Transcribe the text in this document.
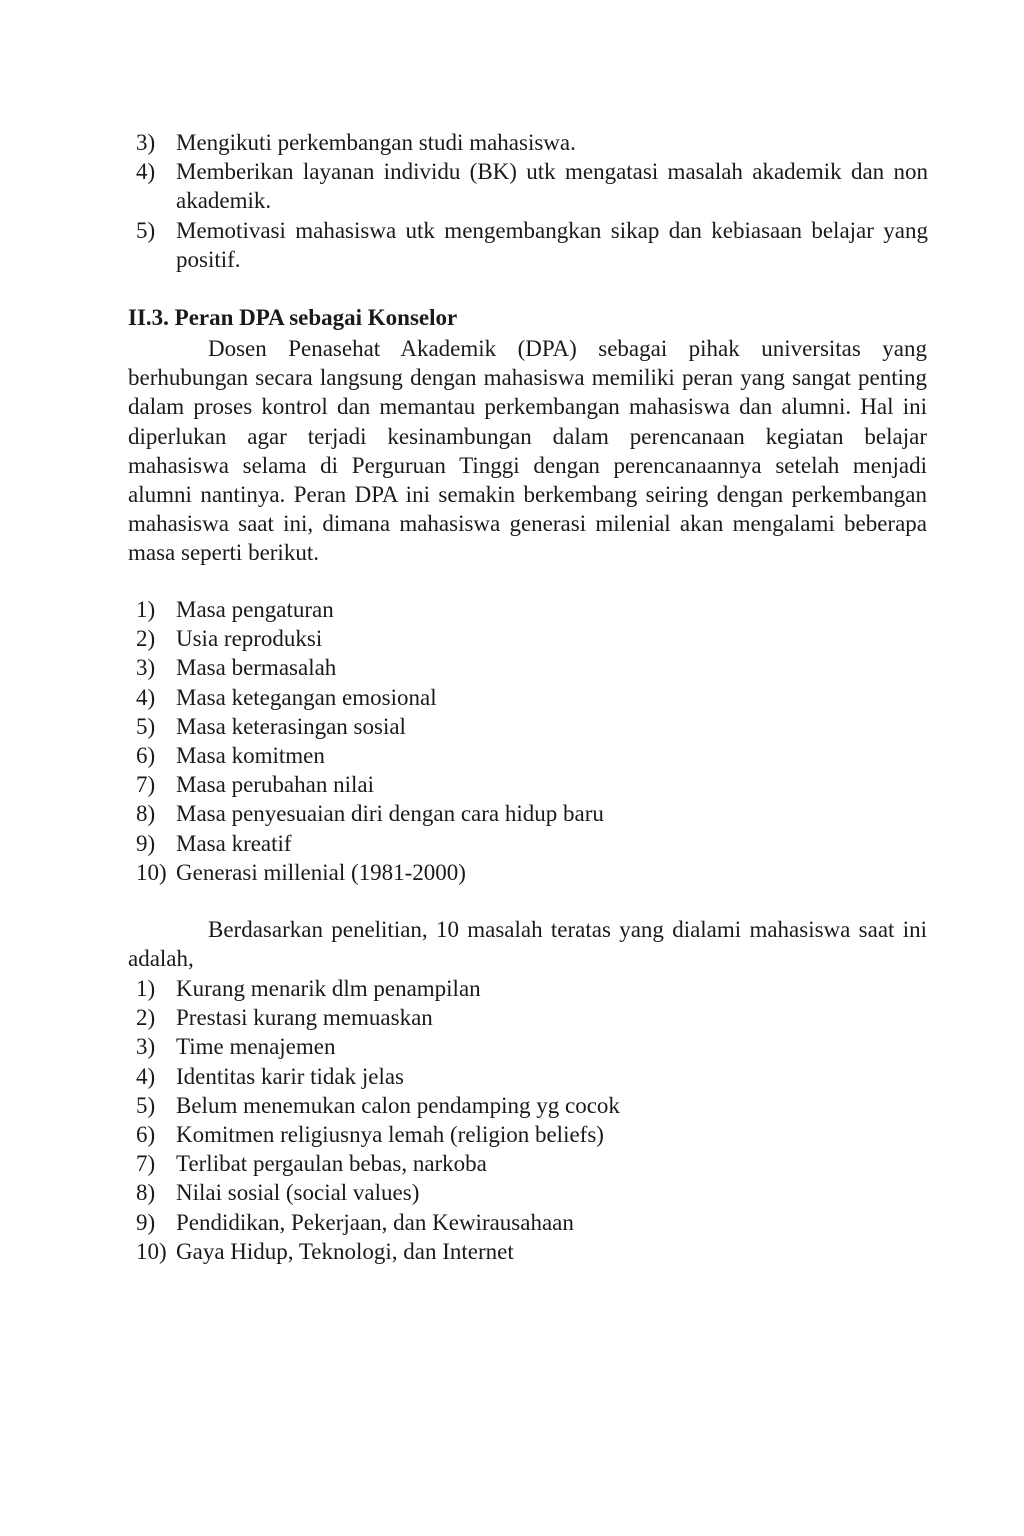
3) Mengikuti perkembangan studi mahasiswa.
4) Memberikan layanan individu (BK) utk mengatasi masalah akademik dan non akademik.
5) Memotivasi mahasiswa utk mengembangkan sikap dan kebiasaan belajar yang positif.
II.3. Peran DPA sebagai Konselor

Dosen Penasehat Akademik (DPA) sebagai pihak universitas yang berhubungan secara langsung dengan mahasiswa memiliki peran yang sangat penting dalam proses kontrol dan memantau perkembangan mahasiswa dan alumni. Hal ini diperlukan agar terjadi kesinambungan dalam perencanaan kegiatan belajar mahasiswa selama di Perguruan Tinggi dengan perencanaannya setelah menjadi alumni nantinya. Peran DPA ini semakin berkembang seiring dengan perkembangan mahasiswa saat ini, dimana mahasiswa generasi milenial akan mengalami beberapa masa seperti berikut.

1) Masa pengaturan
2) Usia reproduksi
3) Masa bermasalah
4) Masa ketegangan emosional
5) Masa keterasingan sosial
6) Masa komitmen
7) Masa perubahan nilai
8) Masa penyesuaian diri dengan cara hidup baru
9) Masa kreatif
10) Generasi millenial (1981-2000)

Berdasarkan penelitian, 10 masalah teratas yang dialami mahasiswa saat ini adalah,

1) Kurang menarik dlm penampilan
2) Prestasi kurang memuaskan
3) Time menajemen
4) Identitas karir tidak jelas
5) Belum menemukan calon pendamping yg cocok
6) Komitmen religiusnya lemah (religion beliefs)
7) Terlibat pergaulan bebas, narkoba
8) Nilai sosial (social values)
9) Pendidikan, Pekerjaan, dan Kewirausahaan
10) Gaya Hidup, Teknologi, dan Internet
